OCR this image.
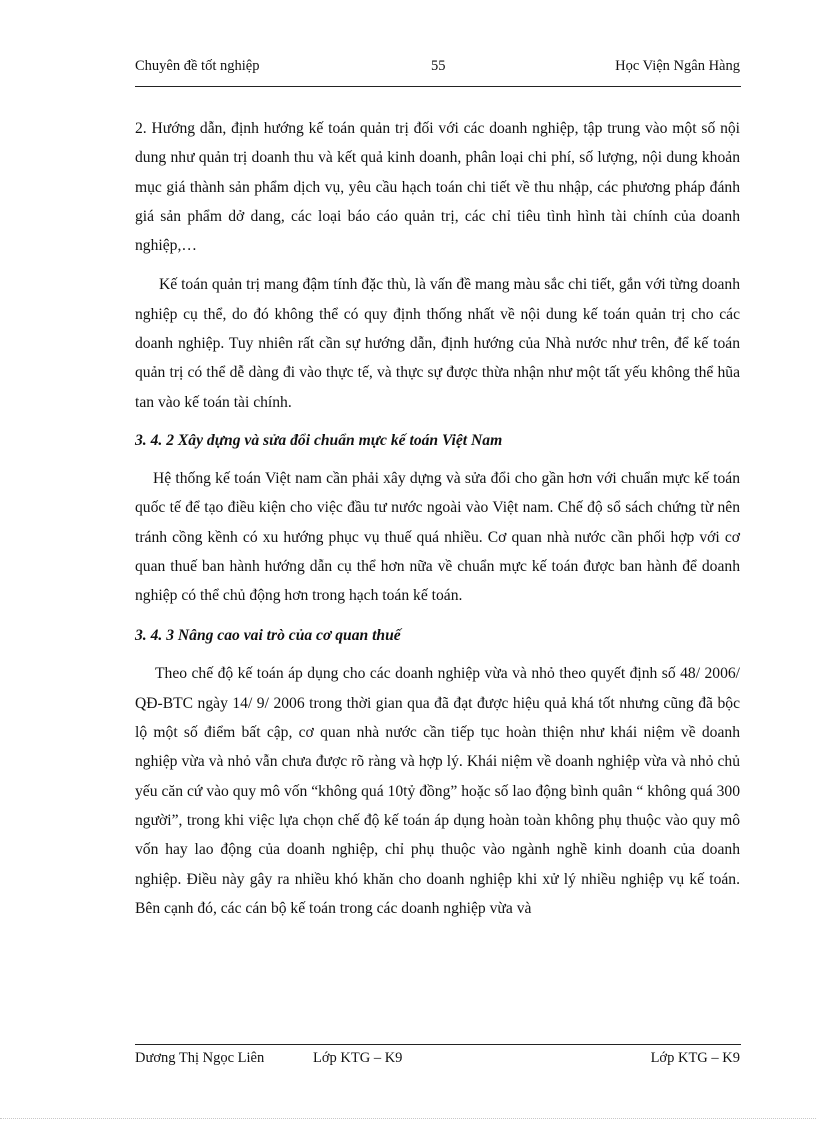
Chuyên đề tốt nghiệp	55	Học Viện Ngân Hàng

2. Hướng dẫn, định hướng kế toán quản trị đối với các doanh nghiệp, tập trung vào một số nội dung như quản trị doanh thu và kết quả kinh doanh, phân loại chi phí, số lượng, nội dung khoản mục giá thành sản phẩm dịch vụ, yêu cầu hạch toán chi tiết về thu nhập, các phương pháp đánh giá sản phẩm dở dang, các loại báo cáo quản trị, các chỉ tiêu tình hình tài chính của doanh nghiệp,…

Kế toán quản trị mang đậm tính đặc thù, là vấn đề mang màu sắc chi tiết, gắn với từng doanh nghiệp cụ thể, do đó không thể có quy định thống nhất về nội dung kế toán quản trị cho các doanh nghiệp. Tuy nhiên rất cần sự hướng dẫn, định hướng của Nhà nước như trên, để kế toán quản trị có thể dễ dàng đi vào thực tế, và thực sự được thừa nhận như một tất yếu không thể hũa tan vào kế toán tài chính.

3. 4. 2 Xây dựng và sửa đổi chuẩn mực kế toán Việt Nam

Hệ thống kế toán Việt nam cần phải xây dựng và sửa đổi cho gần hơn với chuẩn mực kế toán quốc tế để tạo điều kiện cho việc đầu tư nước ngoài vào Việt nam. Chế độ sổ sách chứng từ nên tránh cồng kềnh có xu hướng phục vụ thuế quá nhiều. Cơ quan nhà nước cần phối hợp với cơ quan thuế ban hành hướng dẫn cụ thể hơn nữa về chuẩn mực kế toán được ban hành để doanh nghiệp có thể chủ động hơn trong hạch toán kế toán.

3. 4. 3 Nâng cao vai trò của cơ quan thuế

Theo chế độ kế toán áp dụng cho các doanh nghiệp vừa và nhỏ theo quyết định số 48/ 2006/ QĐ-BTC ngày 14/ 9/ 2006 trong thời gian qua đã đạt được hiệu quả khá tốt nhưng cũng đã bộc lộ một số điểm bất cập, cơ quan nhà nước cần tiếp tục hoàn thiện như khái niệm về doanh nghiệp vừa và nhỏ vẫn chưa được rõ ràng và hợp lý. Khái niệm về doanh nghiệp vừa và nhỏ chủ yếu căn cứ vào quy mô vốn “không quá 10tỷ đồng” hoặc số lao động bình quân “ không quá 300 người”, trong khi việc lựa chọn chế độ kế toán áp dụng hoàn toàn không phụ thuộc vào quy mô vốn hay lao động của doanh nghiệp, chỉ phụ thuộc vào ngành nghề kinh doanh của doanh nghiệp. Điều này gây ra nhiều khó khăn cho doanh nghiệp khi xử lý nhiều nghiệp vụ kế toán. Bên cạnh đó, các cán bộ kế toán trong các doanh nghiệp vừa và

Dương Thị Ngọc Liên	Lớp KTG – K9	Lớp KTG – K9
